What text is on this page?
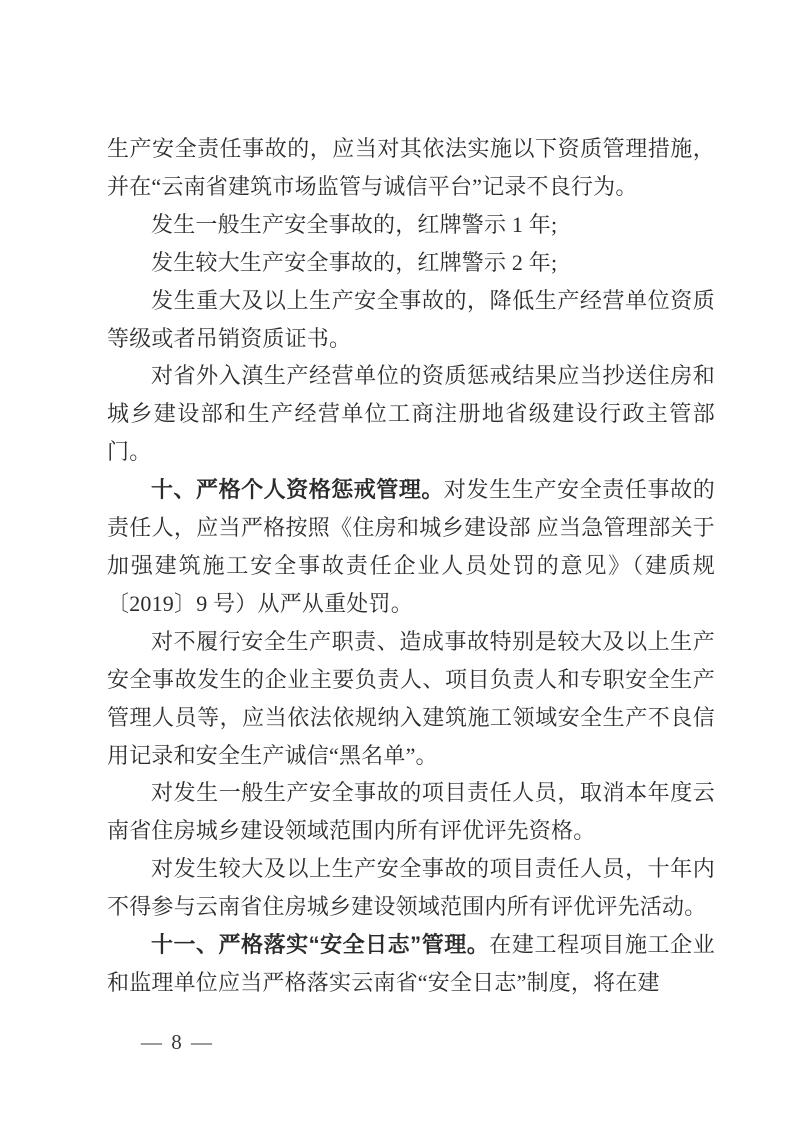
生产安全责任事故的，应当对其依法实施以下资质管理措施，并在“云南省建筑市场监管与诚信平台”记录不良行为。

发生一般生产安全事故的，红牌警示 1 年;

发生较大生产安全事故的，红牌警示 2 年;

发生重大及以上生产安全事故的，降低生产经营单位资质等级或者吊销资质证书。

对省外入滇生产经营单位的资质惩戒结果应当抄送住房和城乡建设部和生产经营单位工商注册地省级建设行政主管部门。

十、严格个人资格惩戒管理。对发生生产安全责任事故的责任人，应当严格按照《住房和城乡建设部 应当急管理部关于加强建筑施工安全事故责任企业人员处罚的意见》（建质规〔2019〕9 号）从严从重处罚。

对不履行安全生产职责、造成事故特别是较大及以上生产安全事故发生的企业主要负责人、项目负责人和专职安全生产管理人员等，应当依法依规纳入建筑施工领域安全生产不良信用记录和安全生产诚信“黑名单”。

对发生一般生产安全事故的项目责任人员，取消本年度云南省住房城乡建设领域范围内所有评优评先资格。

对发生较大及以上生产安全事故的项目责任人员，十年内不得参与云南省住房城乡建设领域范围内所有评优评先活动。

十一、严格落实“安全日志”管理。在建工程项目施工企业和监理单位应当严格落实云南省“安全日志”制度，将在建

— 8 —
